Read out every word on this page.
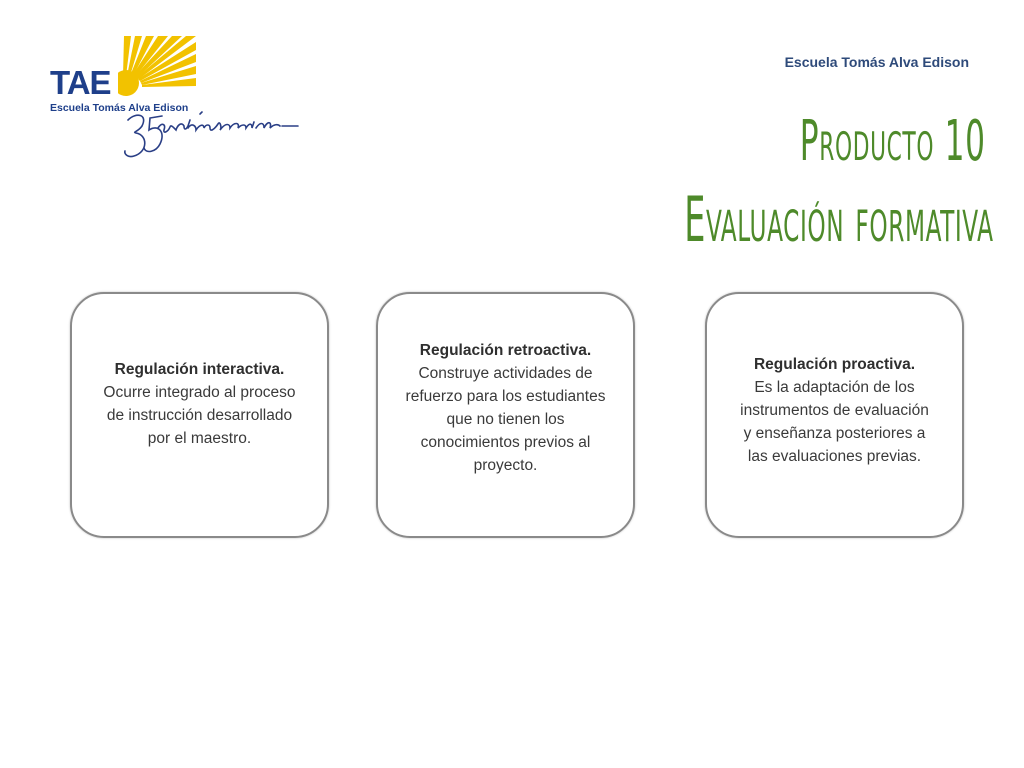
TAE
Escuela Tomás Alva Edison
Escuela Tomás Alva Edison
Producto 10
Evaluación formativa
Regulación interactiva.
Ocurre integrado al proceso
de instrucción desarrollado
por el maestro.
Regulación retroactiva.
Construye actividades de
refuerzo para los estudiantes
que no tienen los
conocimientos previos al
proyecto.
Regulación proactiva.
Es la adaptación de los
instrumentos de evaluación
y enseñanza posteriores a
las evaluaciones previas.
